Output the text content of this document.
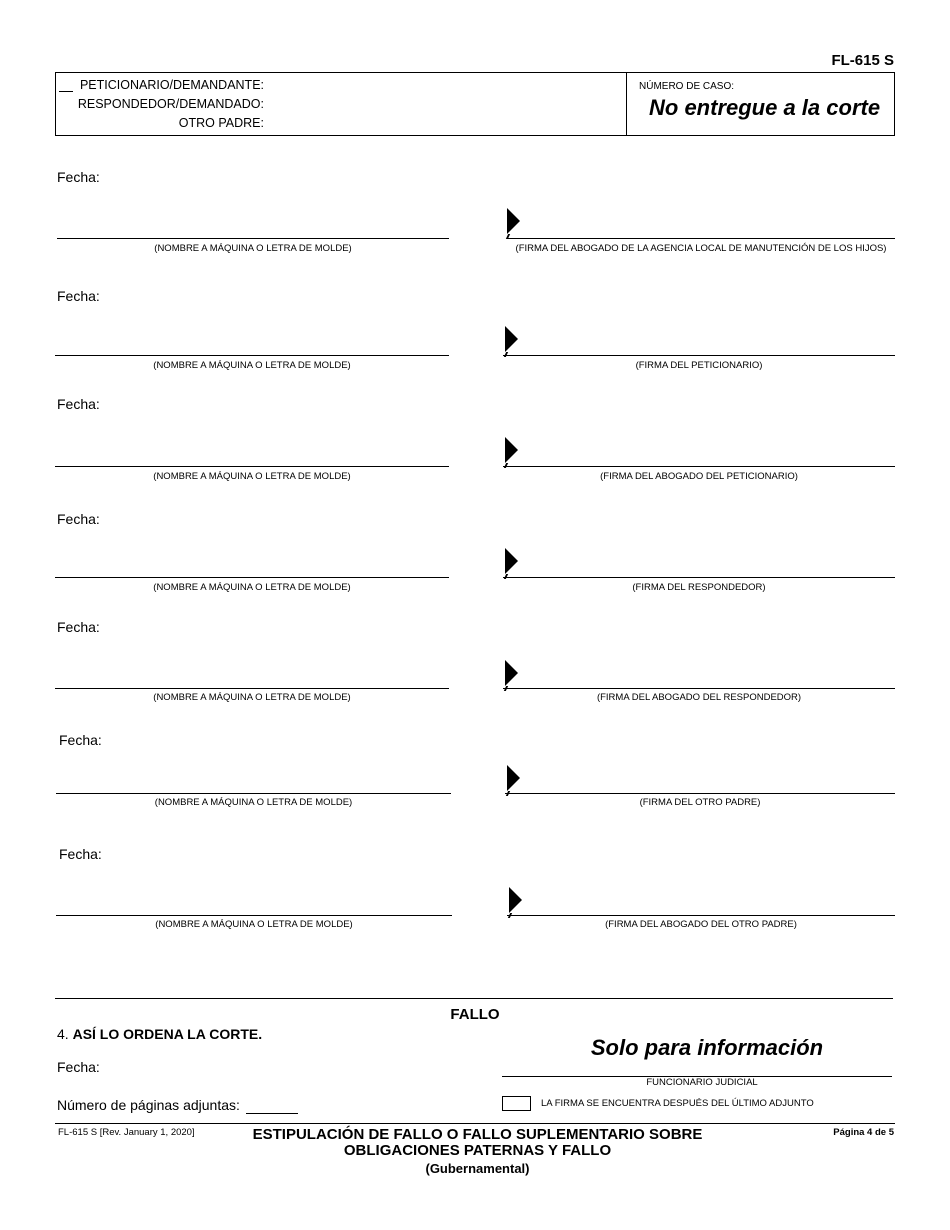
FL-615 S
PETICIONARIO/DEMANDANTE:
RESPONDEDOR/DEMANDADO:
OTRO PADRE:
NÚMERO DE CASO:
No entregue a la corte
Fecha:
(NOMBRE A MÁQUINA O LETRA DE MOLDE)	(FIRMA DEL ABOGADO DE LA AGENCIA LOCAL DE MANUTENCIÓN DE LOS HIJOS)
Fecha:
(NOMBRE A MÁQUINA O LETRA DE MOLDE)	(FIRMA DEL PETICIONARIO)
Fecha:
(NOMBRE A MÁQUINA O LETRA DE MOLDE)	(FIRMA DEL ABOGADO DEL PETICIONARIO)
Fecha:
(NOMBRE A MÁQUINA O LETRA DE MOLDE)	(FIRMA DEL RESPONDEDOR)
Fecha:
(NOMBRE A MÁQUINA O LETRA DE MOLDE)	(FIRMA DEL ABOGADO DEL RESPONDEDOR)
Fecha:
(NOMBRE A MÁQUINA O LETRA DE MOLDE)	(FIRMA DEL OTRO PADRE)
Fecha:
(NOMBRE A MÁQUINA O LETRA DE MOLDE)	(FIRMA DEL ABOGADO DEL OTRO PADRE)
FALLO
4. ASÍ LO ORDENA LA CORTE.
Fecha:
Solo para información
FUNCIONARIO JUDICIAL
LA FIRMA SE ENCUENTRA DESPUÉS DEL ÚLTIMO ADJUNTO
Número de páginas adjuntas:
FL-615 S [Rev. January 1, 2020]	ESTIPULACIÓN DE FALLO O FALLO SUPLEMENTARIO SOBRE
OBLIGACIONES PATERNAS Y FALLO
(Gubernamental)
Página 4 de 5
